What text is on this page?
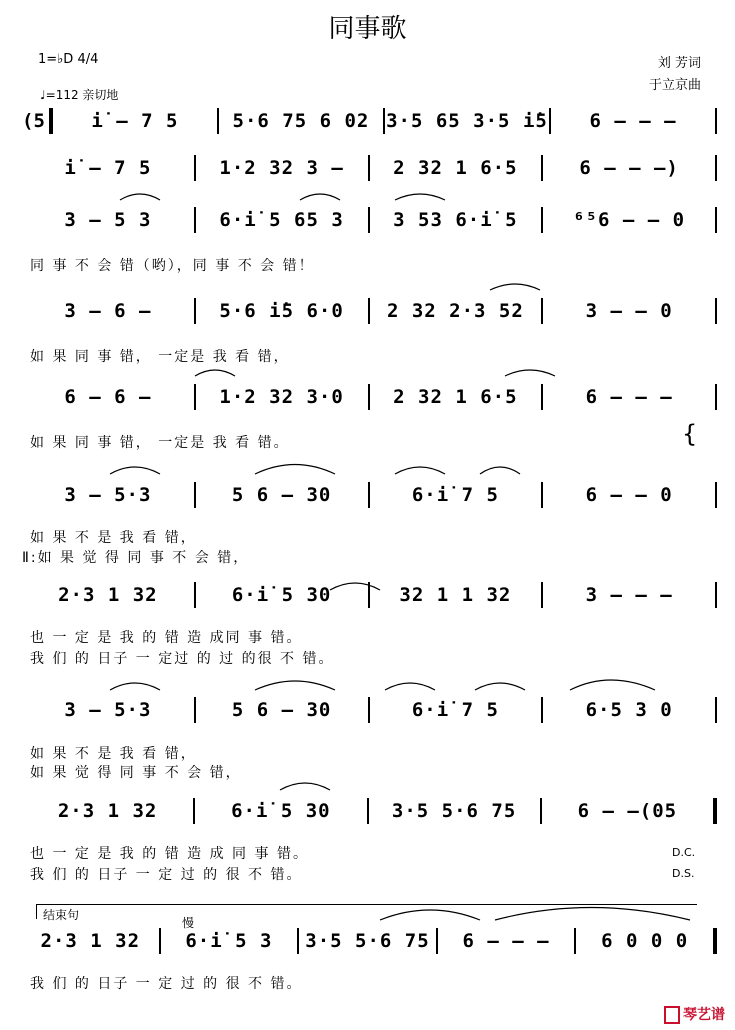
同事歌
刘 芳词
于立京曲
1=♭D 4/4
♩=112 亲切地
(5	i̇ – 7 5	5·6 75 6 02 3·5 65 3·5 i̇5	6 – – –
i̇ – 7 5	1·2 32 3 –	2 32 1 6·5	6 – – –)
3 – 5 3	6·i̇ 5 65 3	3 53 6·i̇ 5	⁶⁵6 – – 0
同 事 不 会 错（哟），同 事 不 会 错！
3 – 6 –	5·6 i̇5 6·0	2 32 2·3 52	3 – – 0
如 果 同 事 错， 一定是 我 看 错，
6 – 6 –	1·2 32 3·0	2 32 1 6·5	6 – – –
如 果 同 事 错， 一定是 我 看 错。	{
3 – 5·3	5 6 – 30	6·i̇ 7 5	6 – – 0
如 果 不 是 我 看 错，
Ⅱ:如 果 觉 得 同 事 不 会 错，
2·3 1 32	6·i̇ 5 30	32 1 1 32	3 – – –
也 一 定 是 我 的 错 造 成同 事 错。
我 们 的 日子 一 定过 的 过 的很 不 错。
3 – 5·3	5 6 – 30	6·i̇ 7 5	6·5 3 0
如 果 不 是 我 看 错，
如 果 觉 得 同 事 不 会 错，
2·3 1 32	6·i̇ 5 30	3·5 5·6 75	6 – –(05
也 一 定 是 我 的 错 造 成 同 事 错。
我 们 的 日子 一 定 过 的 很 不 错。
D.C.
D.S.
结束句
慢
2·3 1 32	6·i̇ 5 3	3·5 5·6 75	6 – – –	6 0 0 0
我 们 的 日子 一 定 过 的 很 不 错。
琴艺谱
